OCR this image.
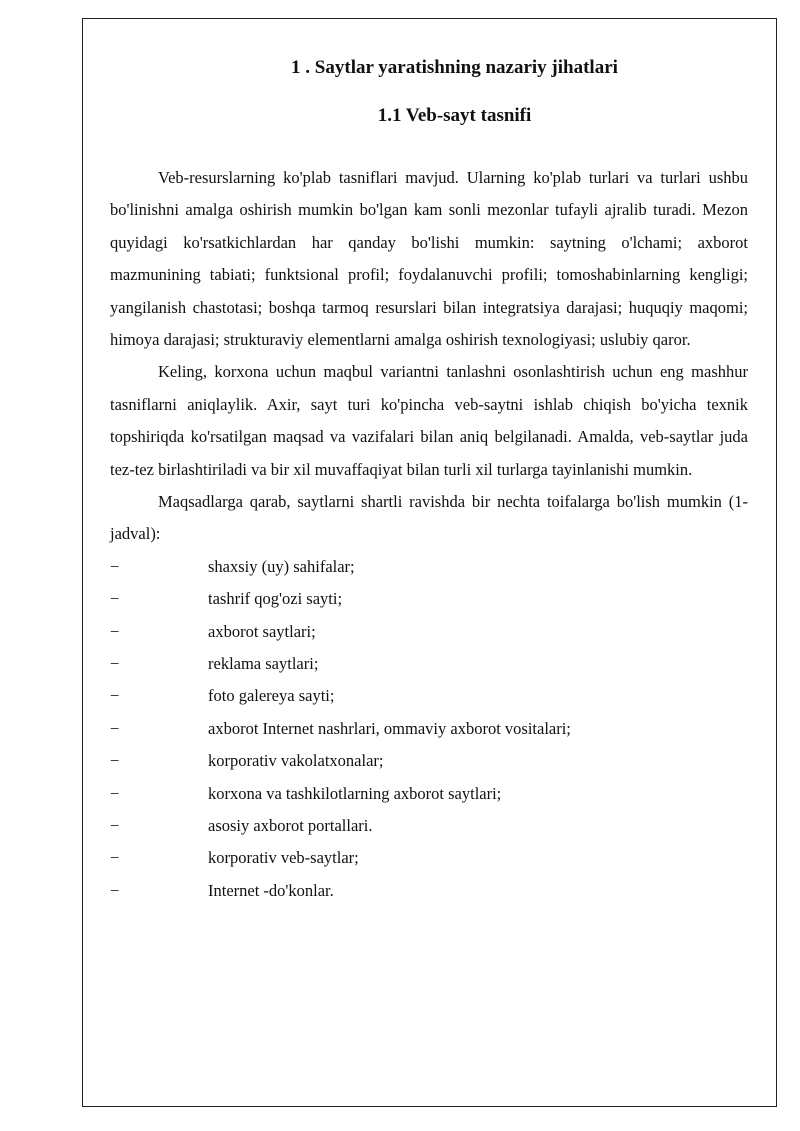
1 . Saytlar yaratishning nazariy jihatlari
1.1 Veb-sayt tasnifi

Veb-resurslarning ko'plab tasniflari mavjud. Ularning ko'plab turlari va turlari ushbu bo'linishni amalga oshirish mumkin bo'lgan kam sonli mezonlar tufayli ajralib turadi. Mezon quyidagi ko'rsatkichlardan har qanday bo'lishi mumkin: saytning o'lchami; axborot mazmunining tabiati; funktsional profil; foydalanuvchi profili; tomoshabinlarning kengligi; yangilanish chastotasi; boshqa tarmoq resurslari bilan integratsiya darajasi; huquqiy maqomi; himoya darajasi; strukturaviy elementlarni amalga oshirish texnologiyasi; uslubiy qaror.

Keling, korxona uchun maqbul variantni tanlashni osonlashtirish uchun eng mashhur tasniflarni aniqlaylik. Axir, sayt turi ko'pincha veb-saytni ishlab chiqish bo'yicha texnik topshiriqda ko'rsatilgan maqsad va vazifalari bilan aniq belgilanadi. Amalda, veb-saytlar juda tez-tez birlashtiriladi va bir xil muvaffaqiyat bilan turli xil turlarga tayinlanishi mumkin.

Maqsadlarga qarab, saytlarni shartli ravishda bir nechta toifalarga bo'lish mumkin (1-jadval):

−	shaxsiy (uy) sahifalar;
−	tashrif qog'ozi sayti;
−	axborot saytlari;
−	reklama saytlari;
−	foto galereya sayti;
−	axborot Internet nashrlari, ommaviy axborot vositalari;
−	korporativ vakolatxonalar;
−	korxona va tashkilotlarning axborot saytlari;
−	asosiy axborot portallari.
−	korporativ veb-saytlar;
−	Internet -do'konlar.
